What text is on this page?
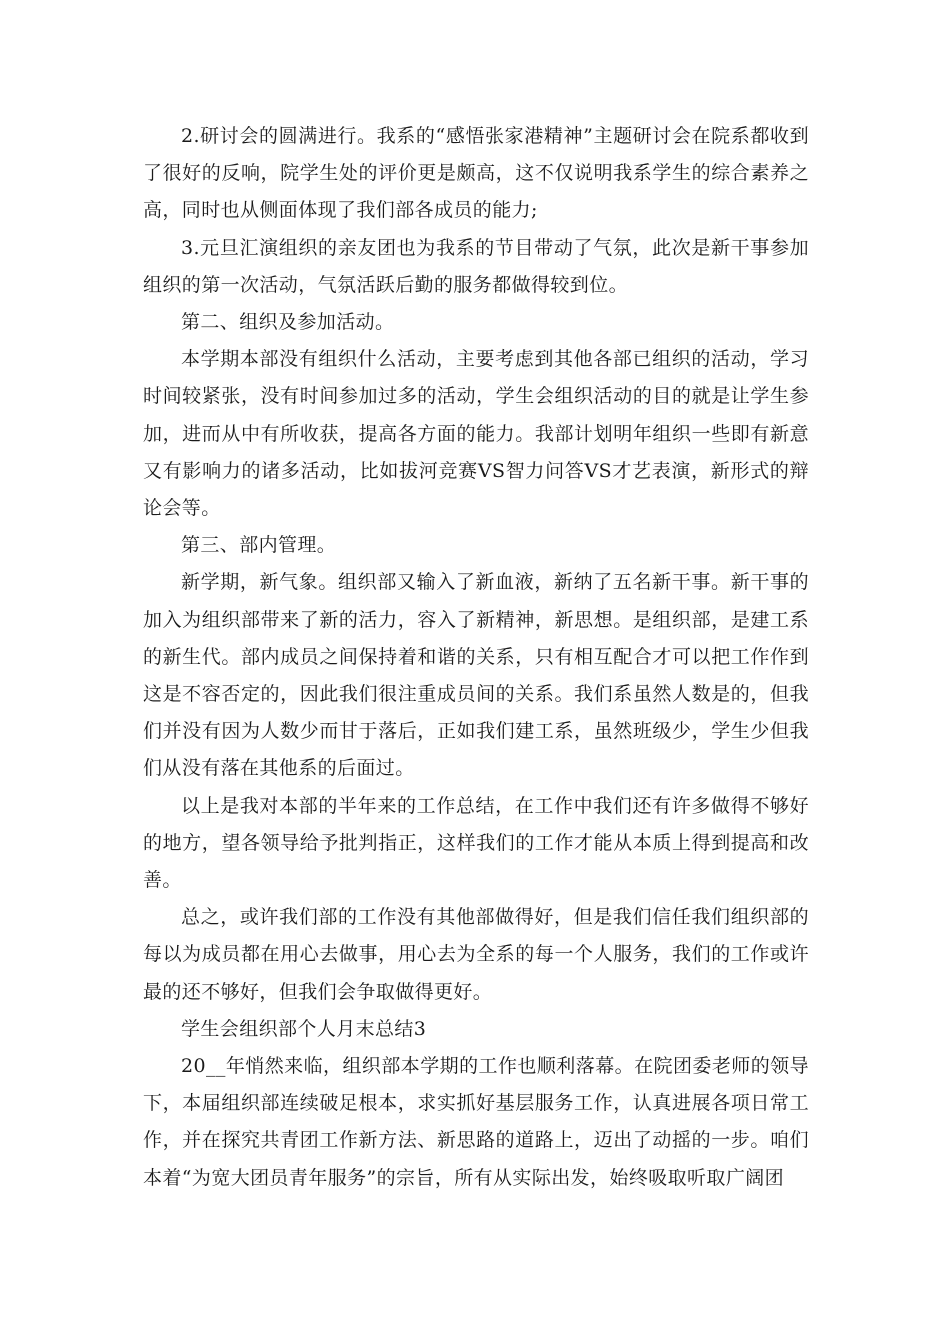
2.研讨会的圆满进行。我系的“感悟张家港精神”主题研讨会在院系都收到了很好的反响，院学生处的评价更是颇高，这不仅说明我系学生的综合素养之高，同时也从侧面体现了我们部各成员的能力;

3.元旦汇演组织的亲友团也为我系的节目带动了气氛，此次是新干事参加组织的第一次活动，气氛活跃后勤的服务都做得较到位。

第二、组织及参加活动。

本学期本部没有组织什么活动，主要考虑到其他各部已组织的活动，学习时间较紧张，没有时间参加过多的活动，学生会组织活动的目的就是让学生参加，进而从中有所收获，提高各方面的能力。我部计划明年组织一些即有新意又有影响力的诸多活动，比如拔河竞赛VS智力问答VS才艺表演，新形式的辩论会等。

第三、部内管理。

新学期，新气象。组织部又输入了新血液，新纳了五名新干事。新干事的加入为组织部带来了新的活力，容入了新精神，新思想。是组织部，是建工系的新生代。部内成员之间保持着和谐的关系，只有相互配合才可以把工作作到这是不容否定的，因此我们很注重成员间的关系。我们系虽然人数是的，但我们并没有因为人数少而甘于落后，正如我们建工系，虽然班级少，学生少但我们从没有落在其他系的后面过。

以上是我对本部的半年来的工作总结，在工作中我们还有许多做得不够好的地方，望各领导给予批判指正，这样我们的工作才能从本质上得到提高和改善。

总之，或许我们部的工作没有其他部做得好，但是我们信任我们组织部的每以为成员都在用心去做事，用心去为全系的每一个人服务，我们的工作或许最的还不够好，但我们会争取做得更好。

学生会组织部个人月末总结3

20__年悄然来临，组织部本学期的工作也顺利落幕。在院团委老师的领导下，本届组织部连续破足根本，求实抓好基层服务工作，认真进展各项日常工作，并在探究共青团工作新方法、新思路的道路上，迈出了动摇的一步。咱们本着“为宽大团员青年服务”的宗旨，所有从实际出发，始终吸取听取广阔团
